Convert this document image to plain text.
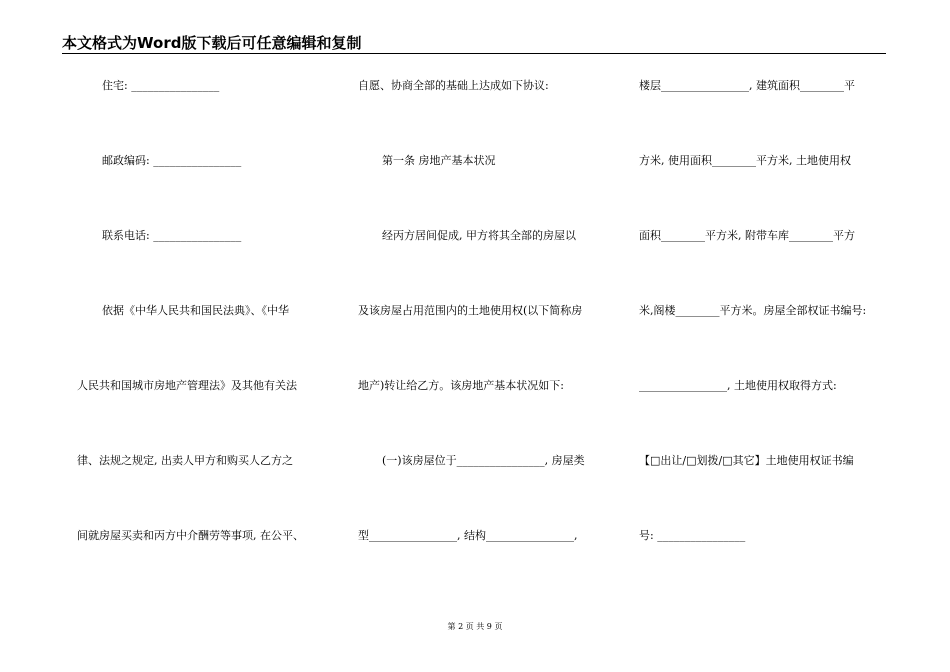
本文格式为Word版下载后可任意编辑和复制
住宅: ________________
邮政编码: ________________
联系电话: ________________
依据《中华人民共和国民法典》、《中华
人民共和国城市房地产管理法》及其他有关法
律、法规之规定, 出卖人甲方和购买人乙方之
间就房屋买卖和丙方中介酬劳等事项, 在公平、
自愿、协商全部的基础上达成如下协议:
第一条 房地产基本状况
经丙方居间促成, 甲方将其全部的房屋以
及该房屋占用范围内的土地使用权(以下简称房
地产)转让给乙方。该房地产基本状况如下:
(一)该房屋位于________________, 房屋类
型________________, 结构________________,
楼层________________, 建筑面积________平
方米, 使用面积________平方米, 土地使用权
面积________平方米, 附带车库________平方
米,阁楼________平方米。房屋全部权证书编号:
________________, 土地使用权取得方式:
【□出让/□划拨/□其它】土地使用权证书编
号: ________________
第 2 页 共 9 页
